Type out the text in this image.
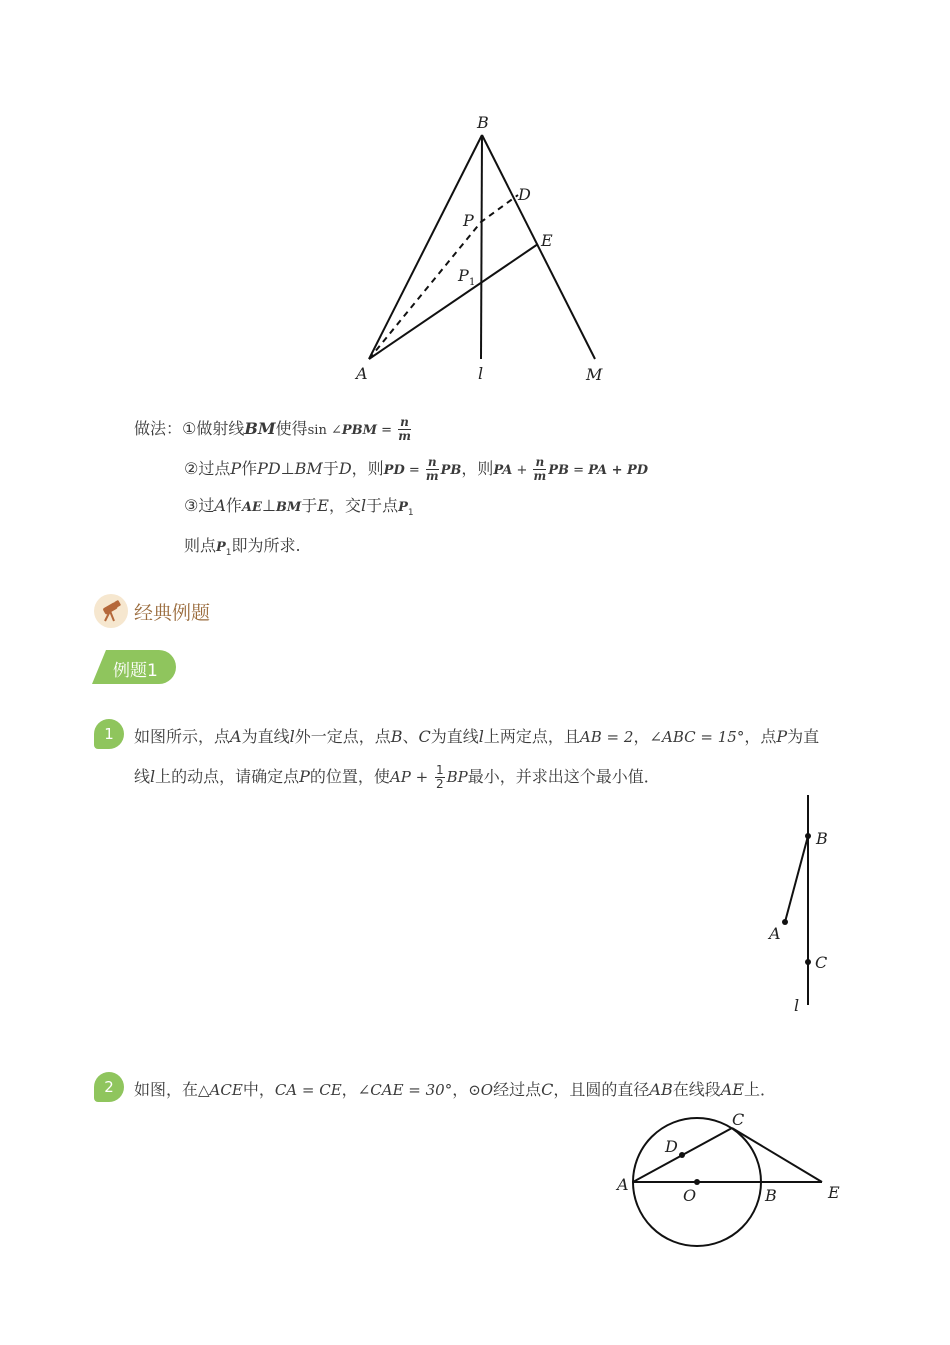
B
D
P
E
P 1
A	l	M
做法：①做射线BM使得sin ∠PBM = $\frac{n}{m}$
②过点P作PD⊥BM于D，则PD = $\frac{n}{m}$ PB，则PA + $\frac{n}{m}$ PB = PA + PD
③过A作AE⊥BM于E，交l于点$P_1$
则点$P_1$即为所求.
经典例题
例题1
1	如图所示，点A为直线l外一定点，点B、C为直线l上两定点，且AB = 2，∠ABC = 15°，点P为直
线l上的动点，请确定点P的位置，使AP + $\frac{1}{2}$ BP最小，并求出这个最小值．
B
A
C
l
2	如图，在△ACE中，CA = CE，∠CAE = 30°，⊙O经过点C，且圆的直径AB在线段AE上．
A
D
C
O	B	E
